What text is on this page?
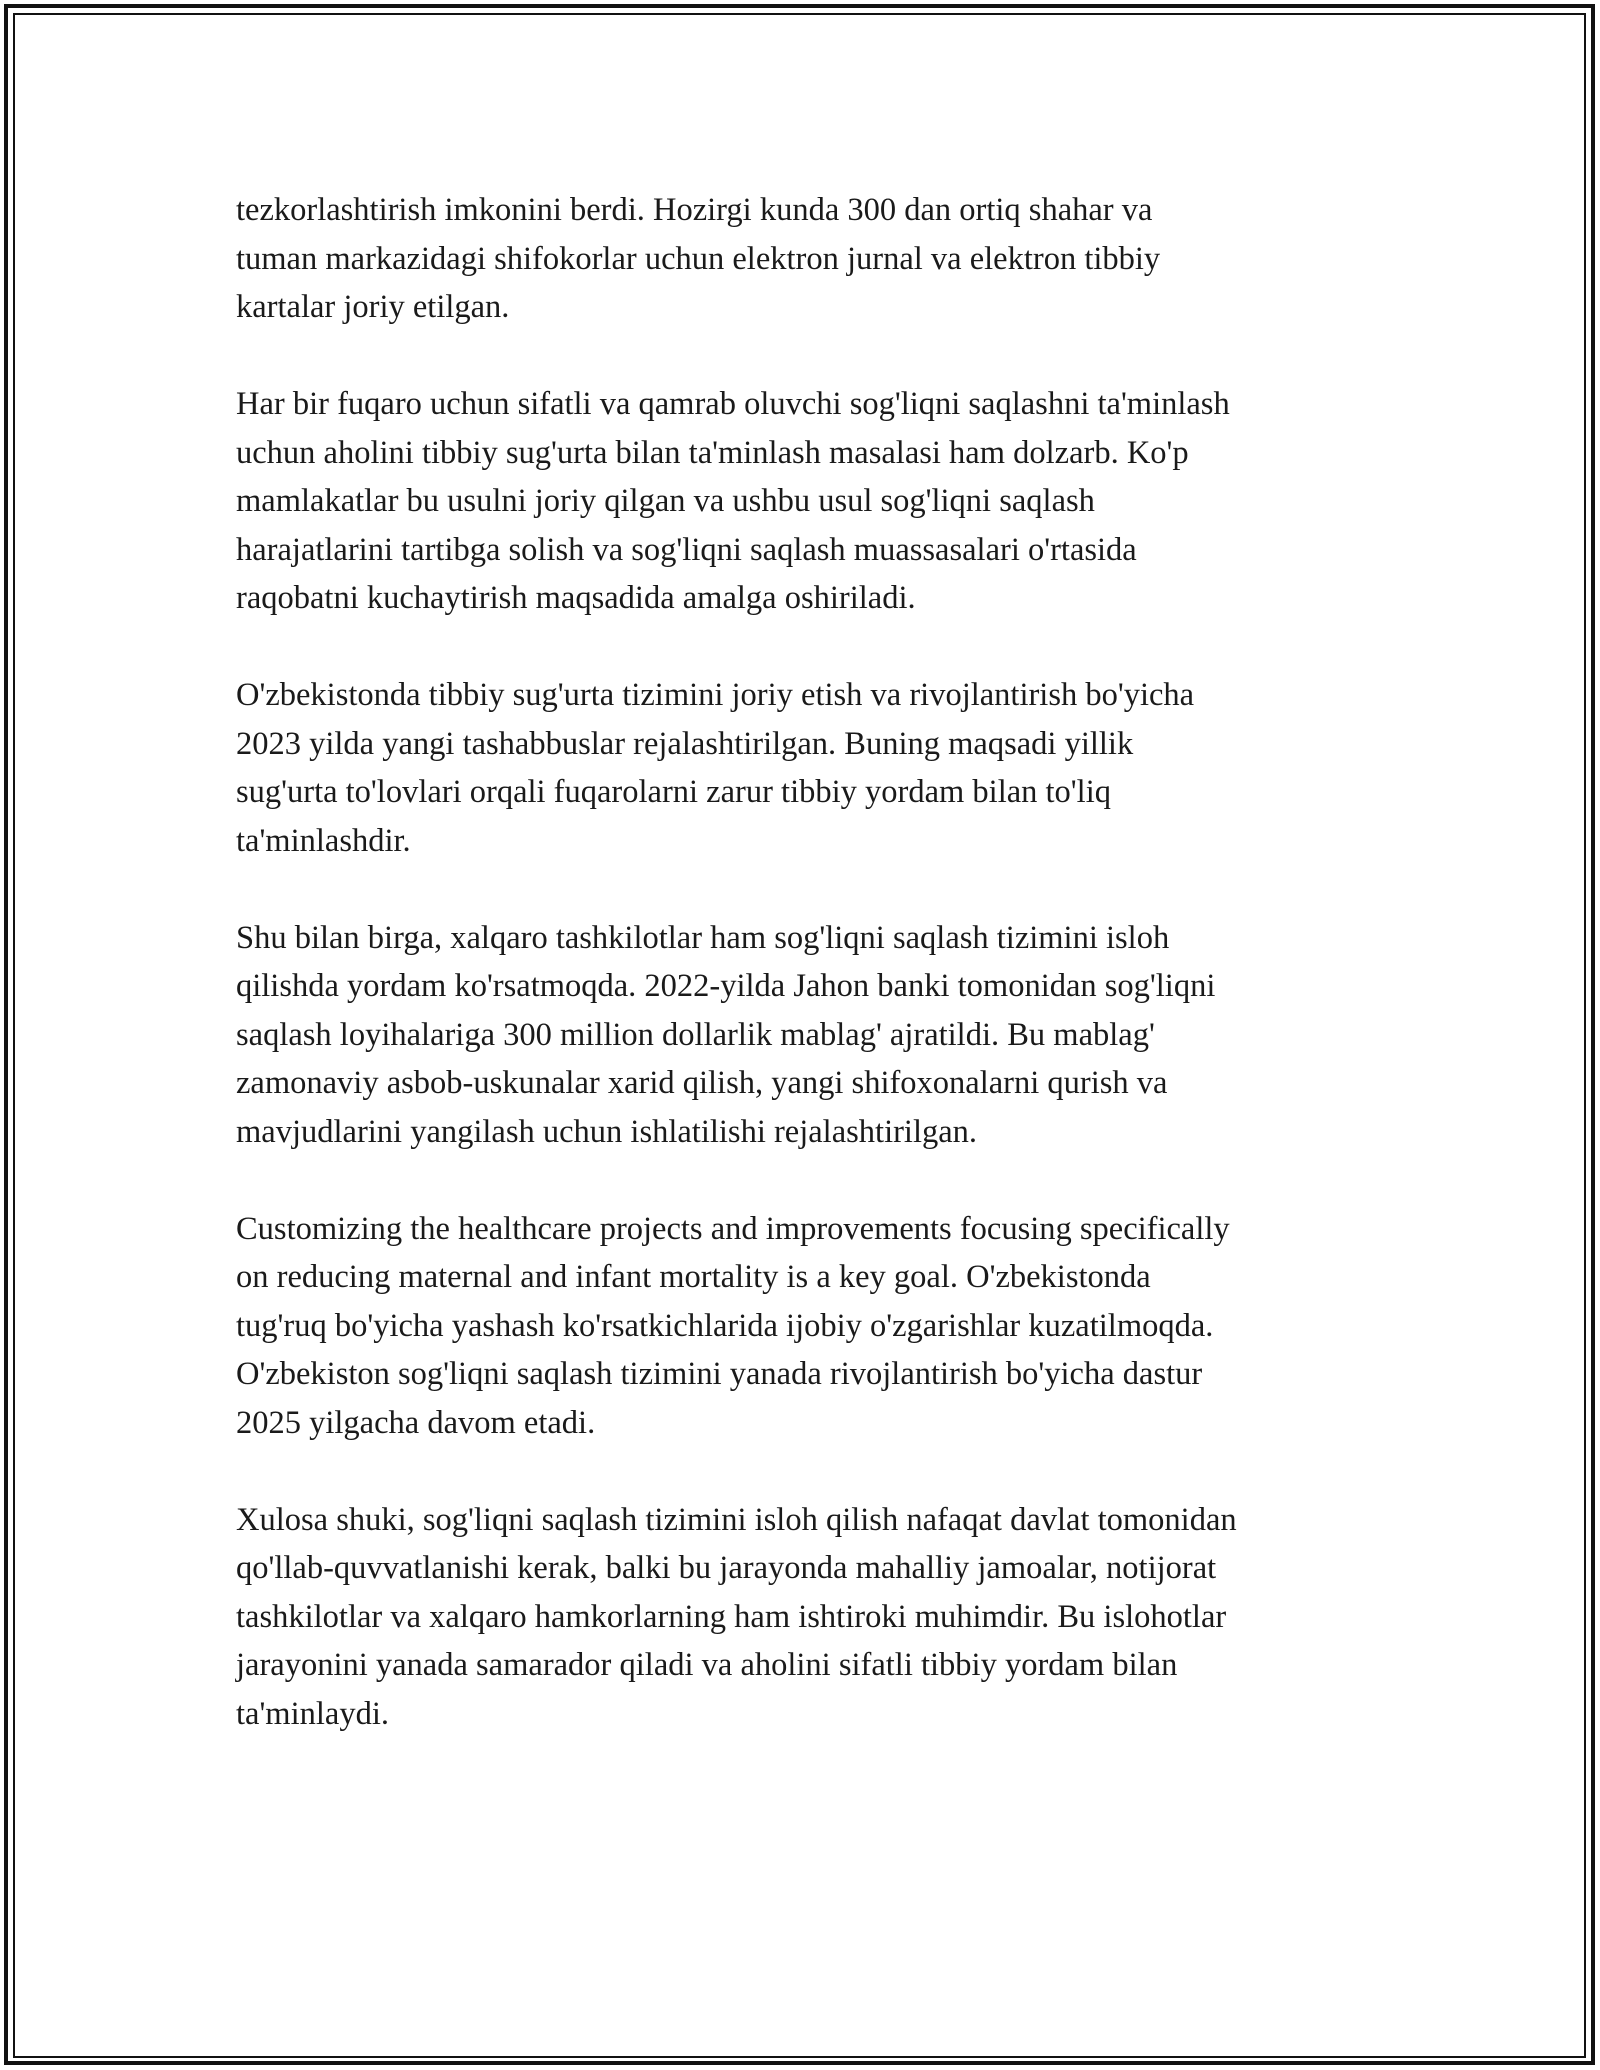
tezkorlashtirish imkonini berdi. Hozirgi kunda 300 dan ortiq shahar va
tuman markazidagi shifokorlar uchun elektron jurnal va elektron tibbiy
kartalar joriy etilgan.

Har bir fuqaro uchun sifatli va qamrab oluvchi sog'liqni saqlashni ta'minlash
uchun aholini tibbiy sug'urta bilan ta'minlash masalasi ham dolzarb. Ko'p
mamlakatlar bu usulni joriy qilgan va ushbu usul sog'liqni saqlash
harajatlarini tartibga solish va sog'liqni saqlash muassasalari o'rtasida
raqobatni kuchaytirish maqsadida amalga oshiriladi.

O'zbekistonda tibbiy sug'urta tizimini joriy etish va rivojlantirish bo'yicha
2023 yilda yangi tashabbuslar rejalashtirilgan. Buning maqsadi yillik
sug'urta to'lovlari orqali fuqarolarni zarur tibbiy yordam bilan to'liq
ta'minlashdir.

Shu bilan birga, xalqaro tashkilotlar ham sog'liqni saqlash tizimini isloh
qilishda yordam ko'rsatmoqda. 2022-yilda Jahon banki tomonidan sog'liqni
saqlash loyihalariga 300 million dollarlik mablag' ajratildi. Bu mablag'
zamonaviy asbob-uskunalar xarid qilish, yangi shifoxonalarni qurish va
mavjudlarini yangilash uchun ishlatilishi rejalashtirilgan.

Customizing the healthcare projects and improvements focusing specifically
on reducing maternal and infant mortality is a key goal. O'zbekistonda
tug'ruq bo'yicha yashash ko'rsatkichlarida ijobiy o'zgarishlar kuzatilmoqda.
O'zbekiston sog'liqni saqlash tizimini yanada rivojlantirish bo'yicha dastur
2025 yilgacha davom etadi.

Xulosa shuki, sog'liqni saqlash tizimini isloh qilish nafaqat davlat tomonidan
qo'llab-quvvatlanishi kerak, balki bu jarayonda mahalliy jamoalar, notijorat
tashkilotlar va xalqaro hamkorlarning ham ishtiroki muhimdir. Bu islohotlar
jarayonini yanada samarador qiladi va aholini sifatli tibbiy yordam bilan
ta'minlaydi.
